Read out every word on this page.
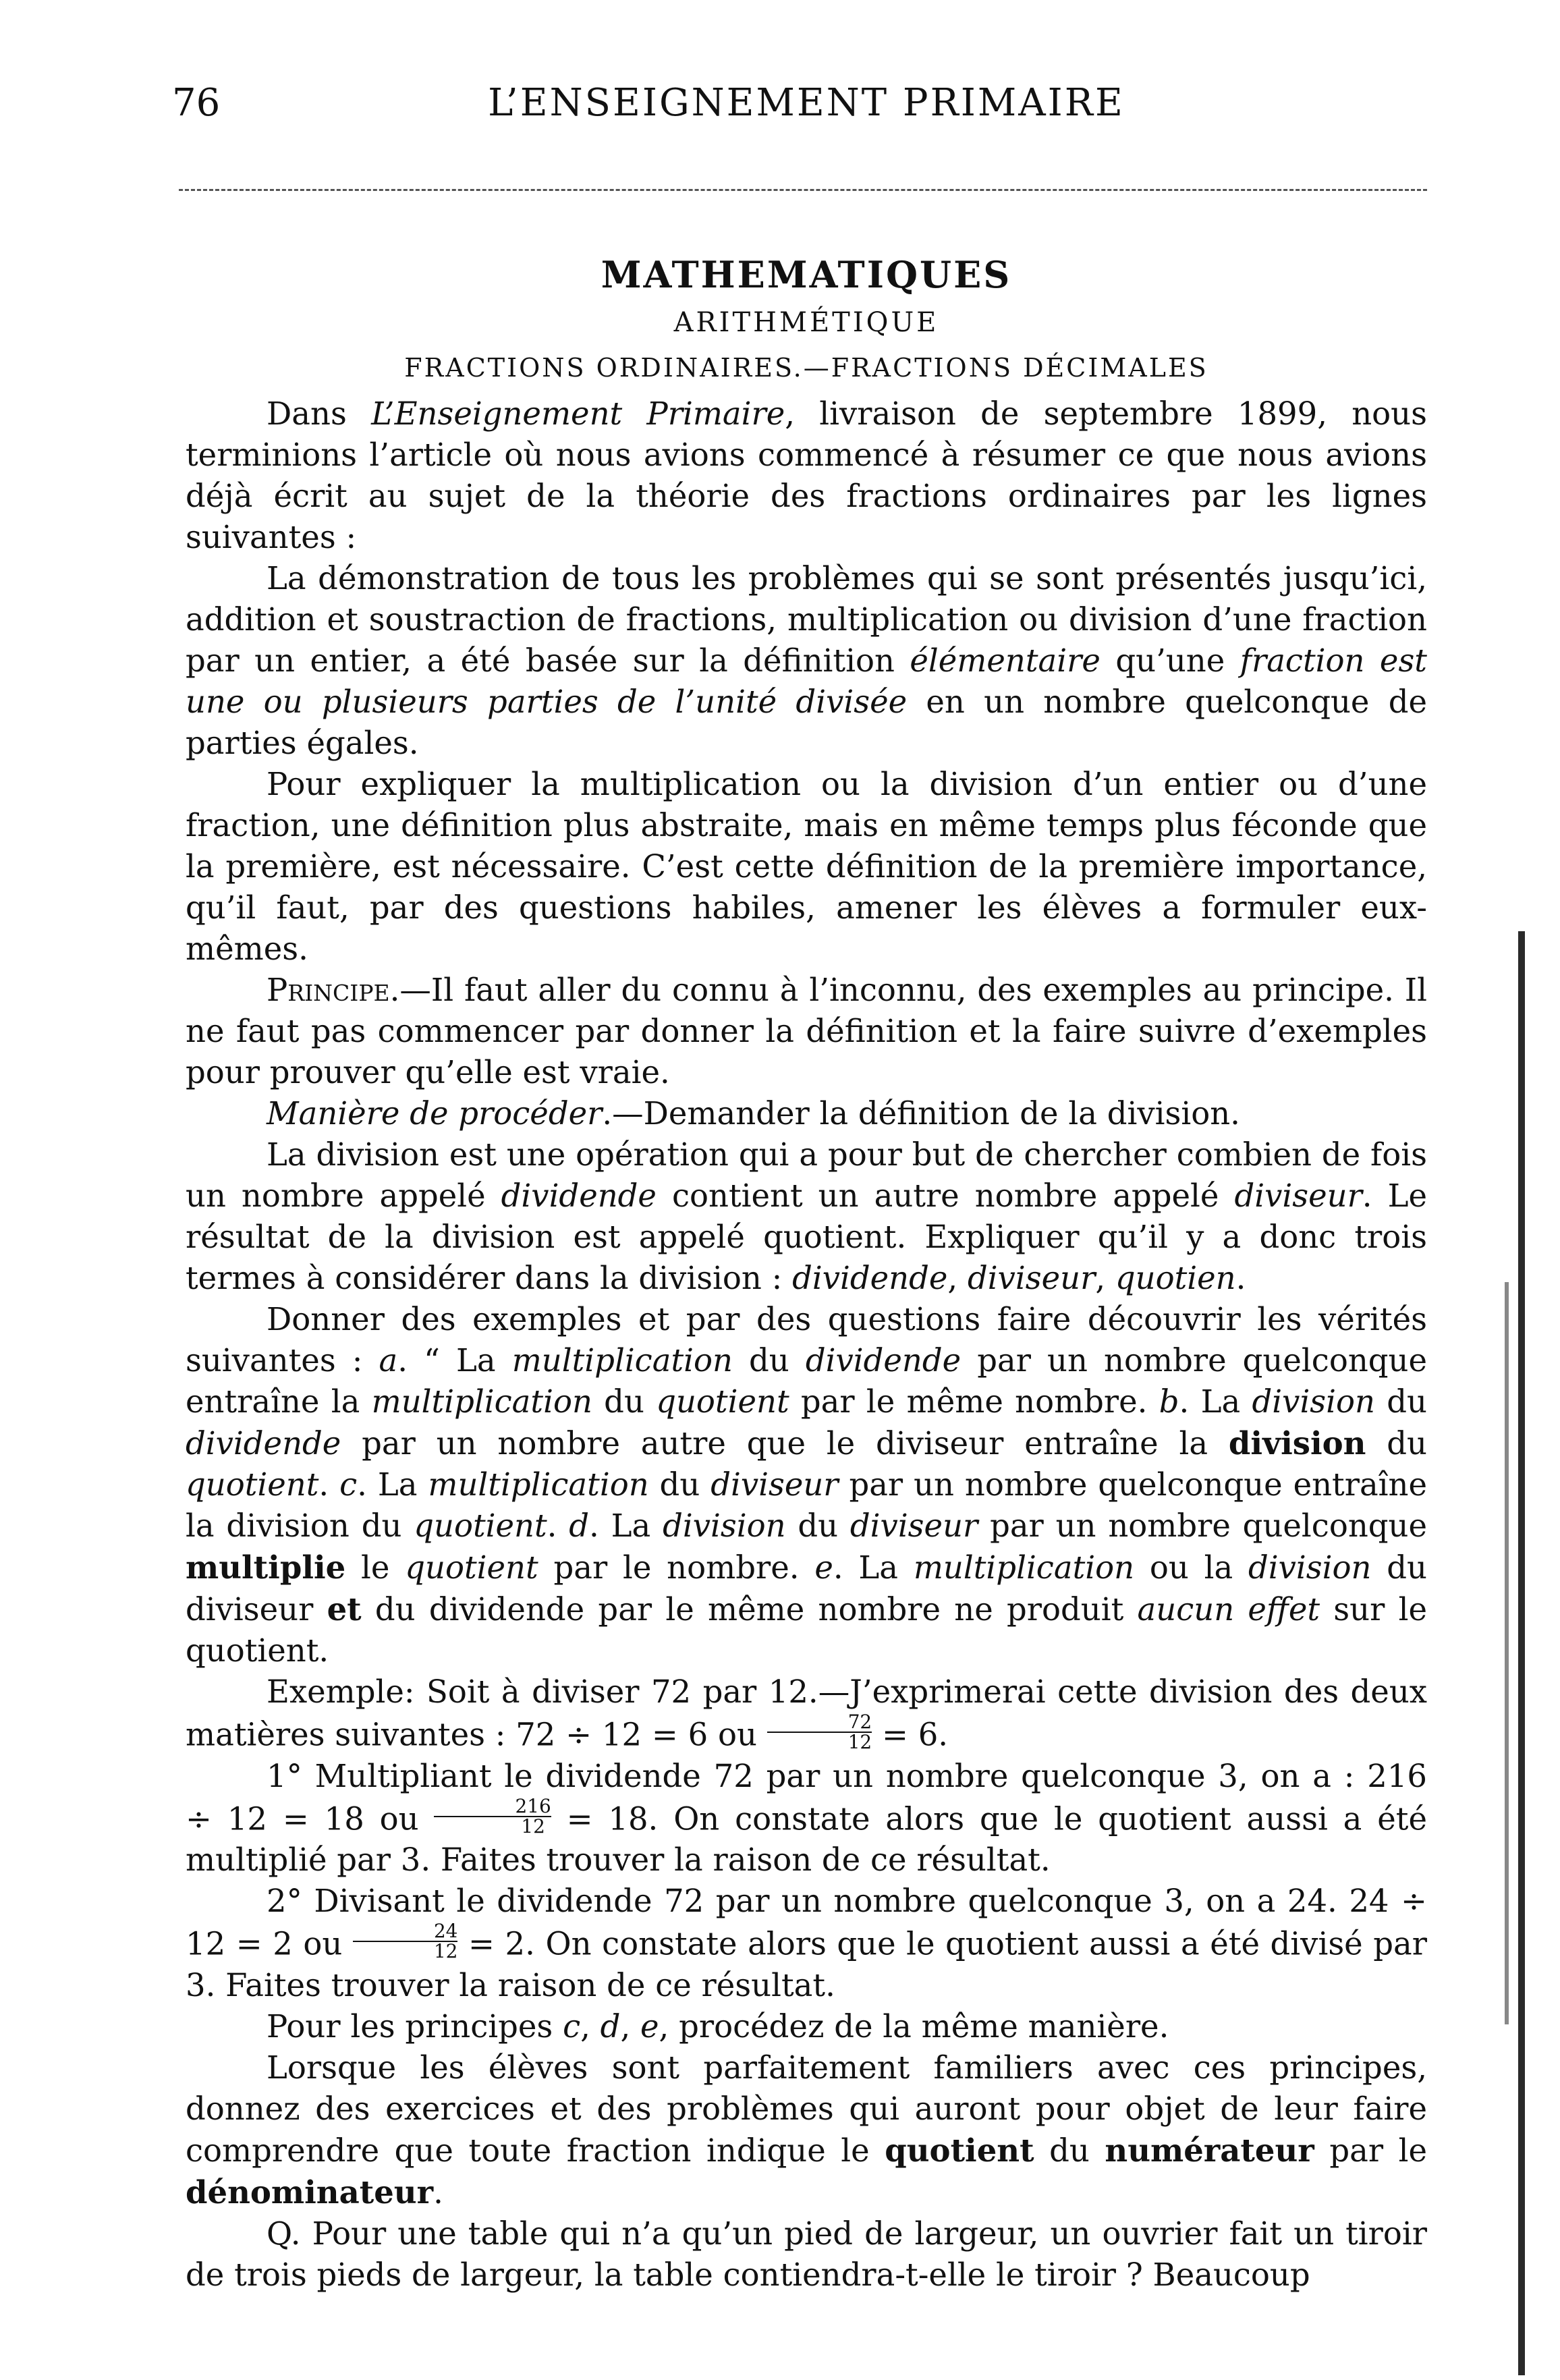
76	L’ENSEIGNEMENT PRIMAIRE
MATHEMATIQUES
ARITHMÉTIQUE
FRACTIONS ORDINAIRES.—FRACTIONS DÉCIMALES

Dans L’Enseignement Primaire, livraison de septembre 1899, nous terminions l’article où nous avions commencé à résumer ce que nous avions déjà écrit au sujet de la théorie des fractions ordinaires par les lignes suivantes :

La démonstration de tous les problèmes qui se sont présentés jusqu’ici, addition et soustraction de fractions, multiplication ou division d’une fraction par un entier, a été basée sur la définition élémentaire qu’une fraction est une ou plusieurs parties de l’unité divisée en un nombre quelconque de parties égales.

Pour expliquer la multiplication ou la division d’un entier ou d’une fraction, une définition plus abstraite, mais en même temps plus féconde que la première, est nécessaire. C’est cette définition de la première importance, qu’il faut, par des questions habiles, amener les élèves a formuler eux-mêmes.

Principe.—Il faut aller du connu à l’inconnu, des exemples au principe. Il ne faut pas commencer par donner la définition et la faire suivre d’exemples pour prouver qu’elle est vraie.

Manière de procéder.—Demander la définition de la division.

La division est une opération qui a pour but de chercher combien de fois un nombre appelé dividende contient un autre nombre appelé diviseur. Le résultat de la division est appelé quotient. Expliquer qu’il y a donc trois termes à considérer dans la division : dividende, diviseur, quotien.

Donner des exemples et par des questions faire découvrir les vérités suivantes : a. “ La multiplication du dividende par un nombre quelconque entraîne la multiplication du quotient par le même nombre. b. La division du dividende par un nombre autre que le diviseur entraîne la division du quotient. c. La multiplication du diviseur par un nombre quelconque entraîne la division du quotient. d. La division du diviseur par un nombre quelconque multiplie le quotient par le nombre. e. La multiplication ou la division du diviseur et du dividende par le même nombre ne produit aucun effet sur le quotient.

Exemple: Soit à diviser 72 par 12.—J’exprimerai cette division des deux matières suivantes : 72 ÷ 12 = 6 ou $\frac{72}{12} = 6$.

1° Multipliant le dividende 72 par un nombre quelconque 3, on a : 216 ÷ 12 = 18 ou $\frac{216}{12} = 18$. On constate alors que le quotient aussi a été multiplié par 3. Faites trouver la raison de ce résultat.

2° Divisant le dividende 72 par un nombre quelconque 3, on a 24. 24 ÷ 12 = 2 ou $\frac{24}{12} = 2$. On constate alors que le quotient aussi a été divisé par 3. Faites trouver la raison de ce résultat.

Pour les principes c, d, e, procédez de la même manière.

Lorsque les élèves sont parfaitement familiers avec ces principes, donnez des exercices et des problèmes qui auront pour objet de leur faire comprendre que toute fraction indique le quotient du numérateur par le dénominateur.

Q. Pour une table qui n’a qu’un pied de largeur, un ouvrier fait un tiroir de trois pieds de largeur, la table contiendra-t-elle le tiroir ? Beaucoup
